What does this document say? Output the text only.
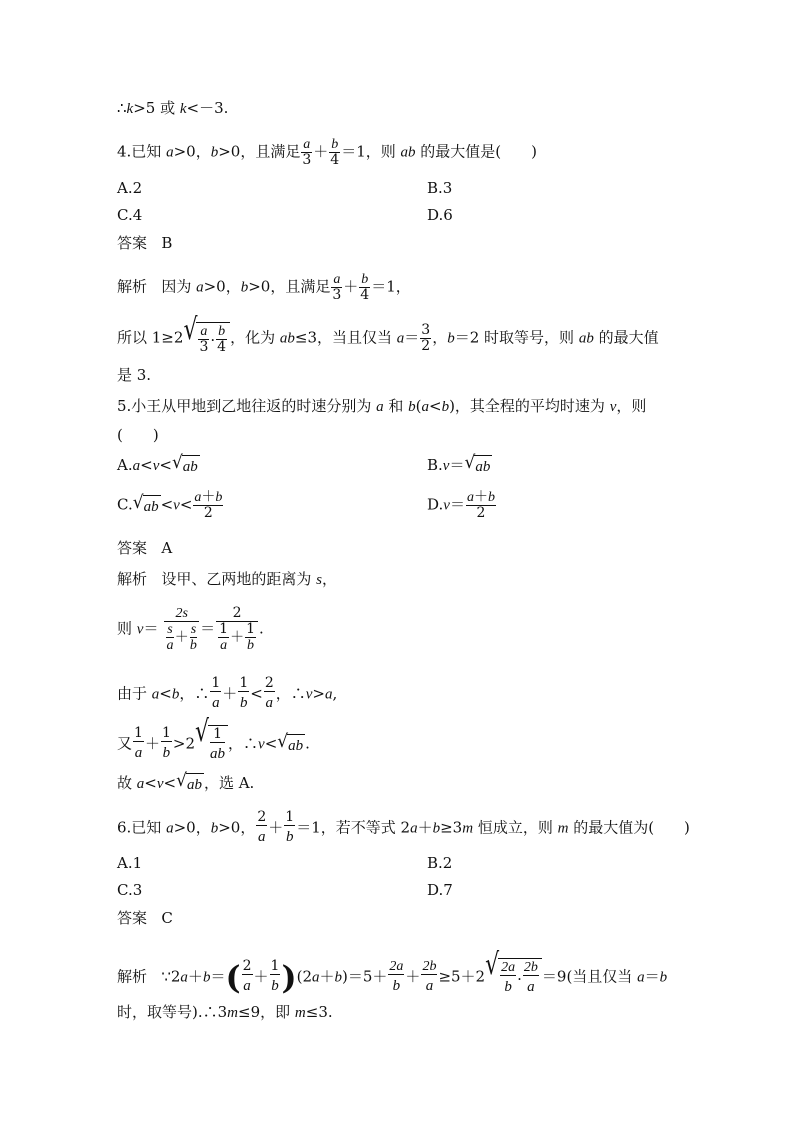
∴k>5 或 k<－3.
4.已知 a>0，b>0，且满足 $\frac{a}{3} + \frac{b}{4} =1$，则 ab 的最大值是(　　)
A.2	B.3
C.4	D.6
答案 B
解析 因为 a>0，b>0，且满足 $\frac{a}{3} + \frac{b}{4} =1$，
所以 1≥2 √ $\frac{a}{3} \cdot \frac{b}{4}$ ，化为 ab≤3，当且仅当 $a= \frac{3}{2}$ ，b＝2 时取等号，则 ab 的最大值
是 3.
5.小王从甲地到乙地往返的时速分别为 a 和 b(a<b)，其全程的平均时速为 v，则
(　　)
A.a<v< √ ab	B.v＝ √ ab
C. √ ab $<v< \frac{a+b}{2}$	$D.v= \frac{a+b}{2}$
答案 A
解析 设甲、乙两地的距离为 s，
则 $v= \frac{2s}{\frac{s}{a}+ \frac{s}{b}} = \frac{2}{\frac{1}{a}+ \frac{1}{b}}$ .
由于 a<b，∴ $\frac{1}{a}+ \frac{1}{b}< \frac{2}{a}$，∴v>a,
又 $\frac{1}{a}+ \frac{1}{b}>2$ √ $\frac{1}{ab}$ ，∴v< √ ab .
故 a<v< √ ab ，选 A.
6.已知 a>0，b>0， $\frac{2}{a}+ \frac{1}{b}=1$，若不等式 2a＋b≥3m 恒成立，则 m 的最大值为(　　)
A.1	B.2
C.3	D.7
答案 C
解析 ∵2a＋b＝( $\frac{2}{a}+ \frac{1}{b})(2a+b)=5+ \frac{2a}{b}+ \frac{2b}{a}\ge 5+2$ √ $\frac{2a}{b} \cdot \frac{2b}{a} =9$(当且仅当 a＝b
时，取等号).∴3m≤9，即 m≤3.
